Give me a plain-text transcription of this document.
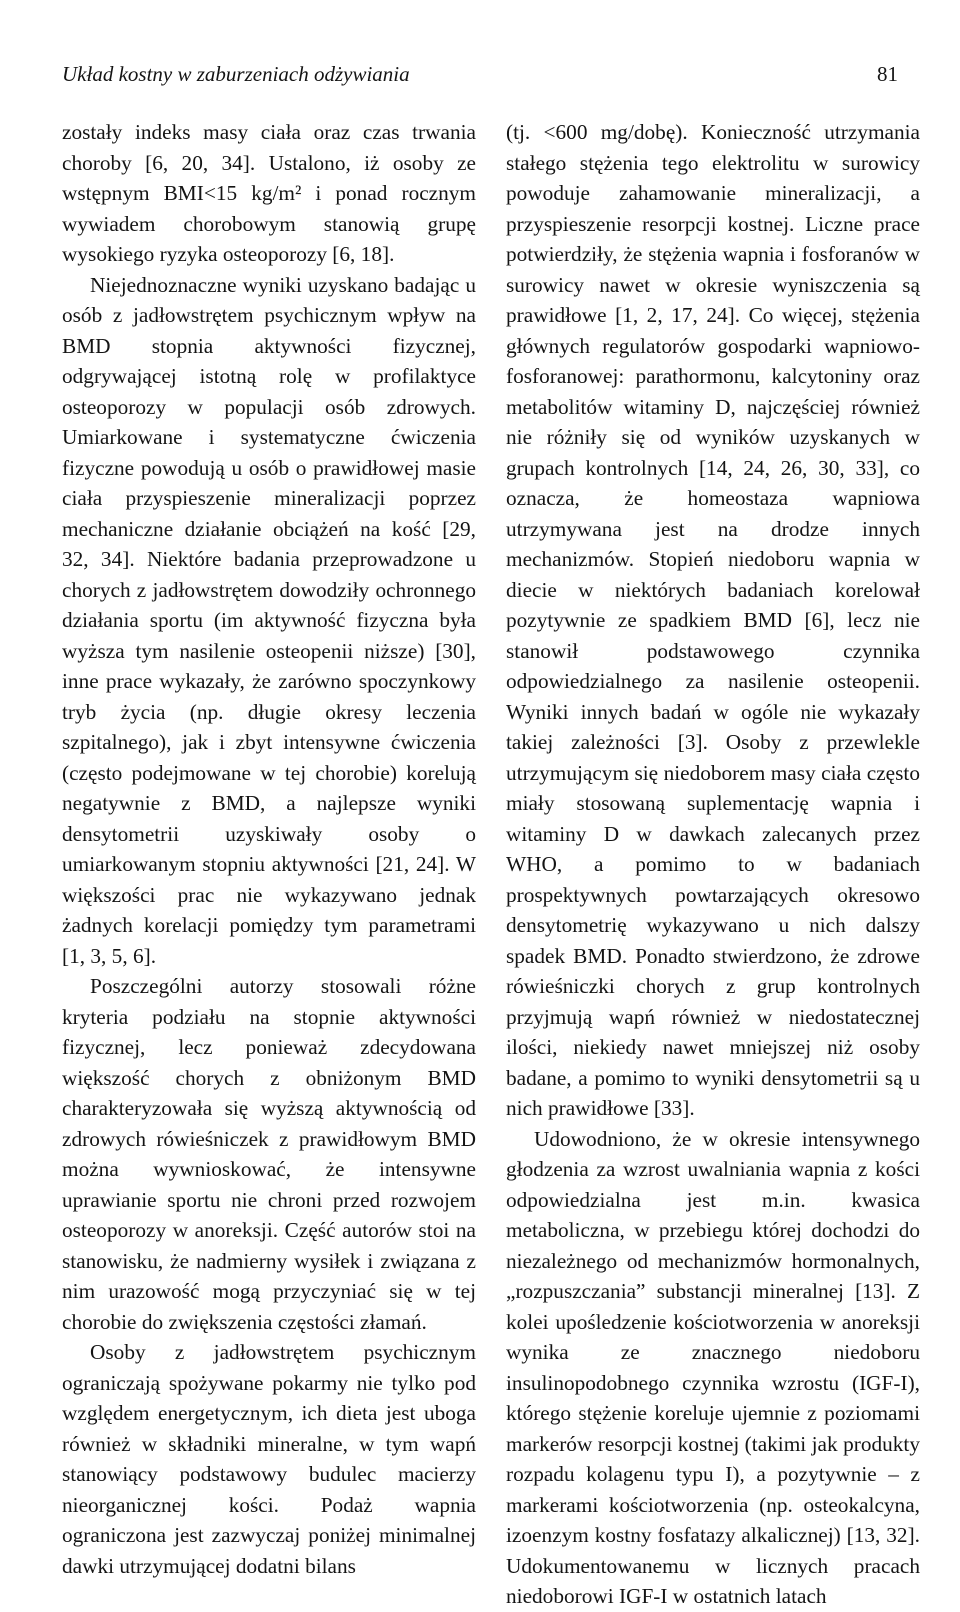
Układ kostny w zaburzeniach odżywiania	81

zostały indeks masy ciała oraz czas trwania choroby [6, 20, 34]. Ustalono, iż osoby ze wstępnym BMI<15 kg/m² i ponad rocznym wywiadem chorobowym stanowią grupę wysokiego ryzyka osteoporozy [6, 18].

Niejednoznaczne wyniki uzyskano badając u osób z jadłowstrętem psychicznym wpływ na BMD stopnia aktywności fizycznej, odgrywającej istotną rolę w profilaktyce osteoporozy w populacji osób zdrowych. Umiarkowane i systematyczne ćwiczenia fizyczne powodują u osób o prawidłowej masie ciała przyspieszenie mineralizacji poprzez mechaniczne działanie obciążeń na kość [29, 32, 34]. Niektóre badania przeprowadzone u chorych z jadłowstrętem dowodziły ochronnego działania sportu (im aktywność fizyczna była wyższa tym nasilenie osteopenii niższe) [30], inne prace wykazały, że zarówno spoczynkowy tryb życia (np. długie okresy leczenia szpitalnego), jak i zbyt intensywne ćwiczenia (często podejmowane w tej chorobie) korelują negatywnie z BMD, a najlepsze wyniki densytometrii uzyskiwały osoby o umiarkowanym stopniu aktywności [21, 24]. W większości prac nie wykazywano jednak żadnych korelacji pomiędzy tym parametrami [1, 3, 5, 6].

Poszczególni autorzy stosowali różne kryteria podziału na stopnie aktywności fizycznej, lecz ponieważ zdecydowana większość chorych z obniżonym BMD charakteryzowała się wyższą aktywnością od zdrowych rówieśniczek z prawidłowym BMD można wywnioskować, że intensywne uprawianie sportu nie chroni przed rozwojem osteoporozy w anoreksji. Część autorów stoi na stanowisku, że nadmierny wysiłek i związana z nim urazowość mogą przyczyniać się w tej chorobie do zwiększenia częstości złamań.

Osoby z jadłowstrętem psychicznym ograniczają spożywane pokarmy nie tylko pod względem energetycznym, ich dieta jest uboga również w składniki mineralne, w tym wapń stanowiący podstawowy budulec macierzy nieorganicznej kości. Podaż wapnia ograniczona jest zazwyczaj poniżej minimalnej dawki utrzymującej dodatni bilans

(tj. <600 mg/dobę). Konieczność utrzymania stałego stężenia tego elektrolitu w surowicy powoduje zahamowanie mineralizacji, a przyspieszenie resorpcji kostnej. Liczne prace potwierdziły, że stężenia wapnia i fosforanów w surowicy nawet w okresie wyniszczenia są prawidłowe [1, 2, 17, 24]. Co więcej, stężenia głównych regulatorów gospodarki wapniowo-fosforanowej: parathormonu, kalcytoniny oraz metabolitów witaminy D, najczęściej również nie różniły się od wyników uzyskanych w grupach kontrolnych [14, 24, 26, 30, 33], co oznacza, że homeostaza wapniowa utrzymywana jest na drodze innych mechanizmów. Stopień niedoboru wapnia w diecie w niektórych badaniach korelował pozytywnie ze spadkiem BMD [6], lecz nie stanowił podstawowego czynnika odpowiedzialnego za nasilenie osteopenii. Wyniki innych badań w ogóle nie wykazały takiej zależności [3]. Osoby z przewlekle utrzymującym się niedoborem masy ciała często miały stosowaną suplementację wapnia i witaminy D w dawkach zalecanych przez WHO, a pomimo to w badaniach prospektywnych powtarzających okresowo densytometrię wykazywano u nich dalszy spadek BMD. Ponadto stwierdzono, że zdrowe rówieśniczki chorych z grup kontrolnych przyjmują wapń również w niedostatecznej ilości, niekiedy nawet mniejszej niż osoby badane, a pomimo to wyniki densytometrii są u nich prawidłowe [33].

Udowodniono, że w okresie intensywnego głodzenia za wzrost uwalniania wapnia z kości odpowiedzialna jest m.in. kwasica metaboliczna, w przebiegu której dochodzi do niezależnego od mechanizmów hormonalnych, „rozpuszczania” substancji mineralnej [13]. Z kolei upośledzenie kościotworzenia w anoreksji wynika ze znacznego niedoboru insulinopodobnego czynnika wzrostu (IGF-I), którego stężenie koreluje ujemnie z poziomami markerów resorpcji kostnej (takimi jak produkty rozpadu kolagenu typu I), a pozytywnie – z markerami kościotworzenia (np. osteokalcyna, izoenzym kostny fosfatazy alkalicznej) [13, 32]. Udokumentowanemu w licznych pracach niedoborowi IGF-I w ostatnich latach
